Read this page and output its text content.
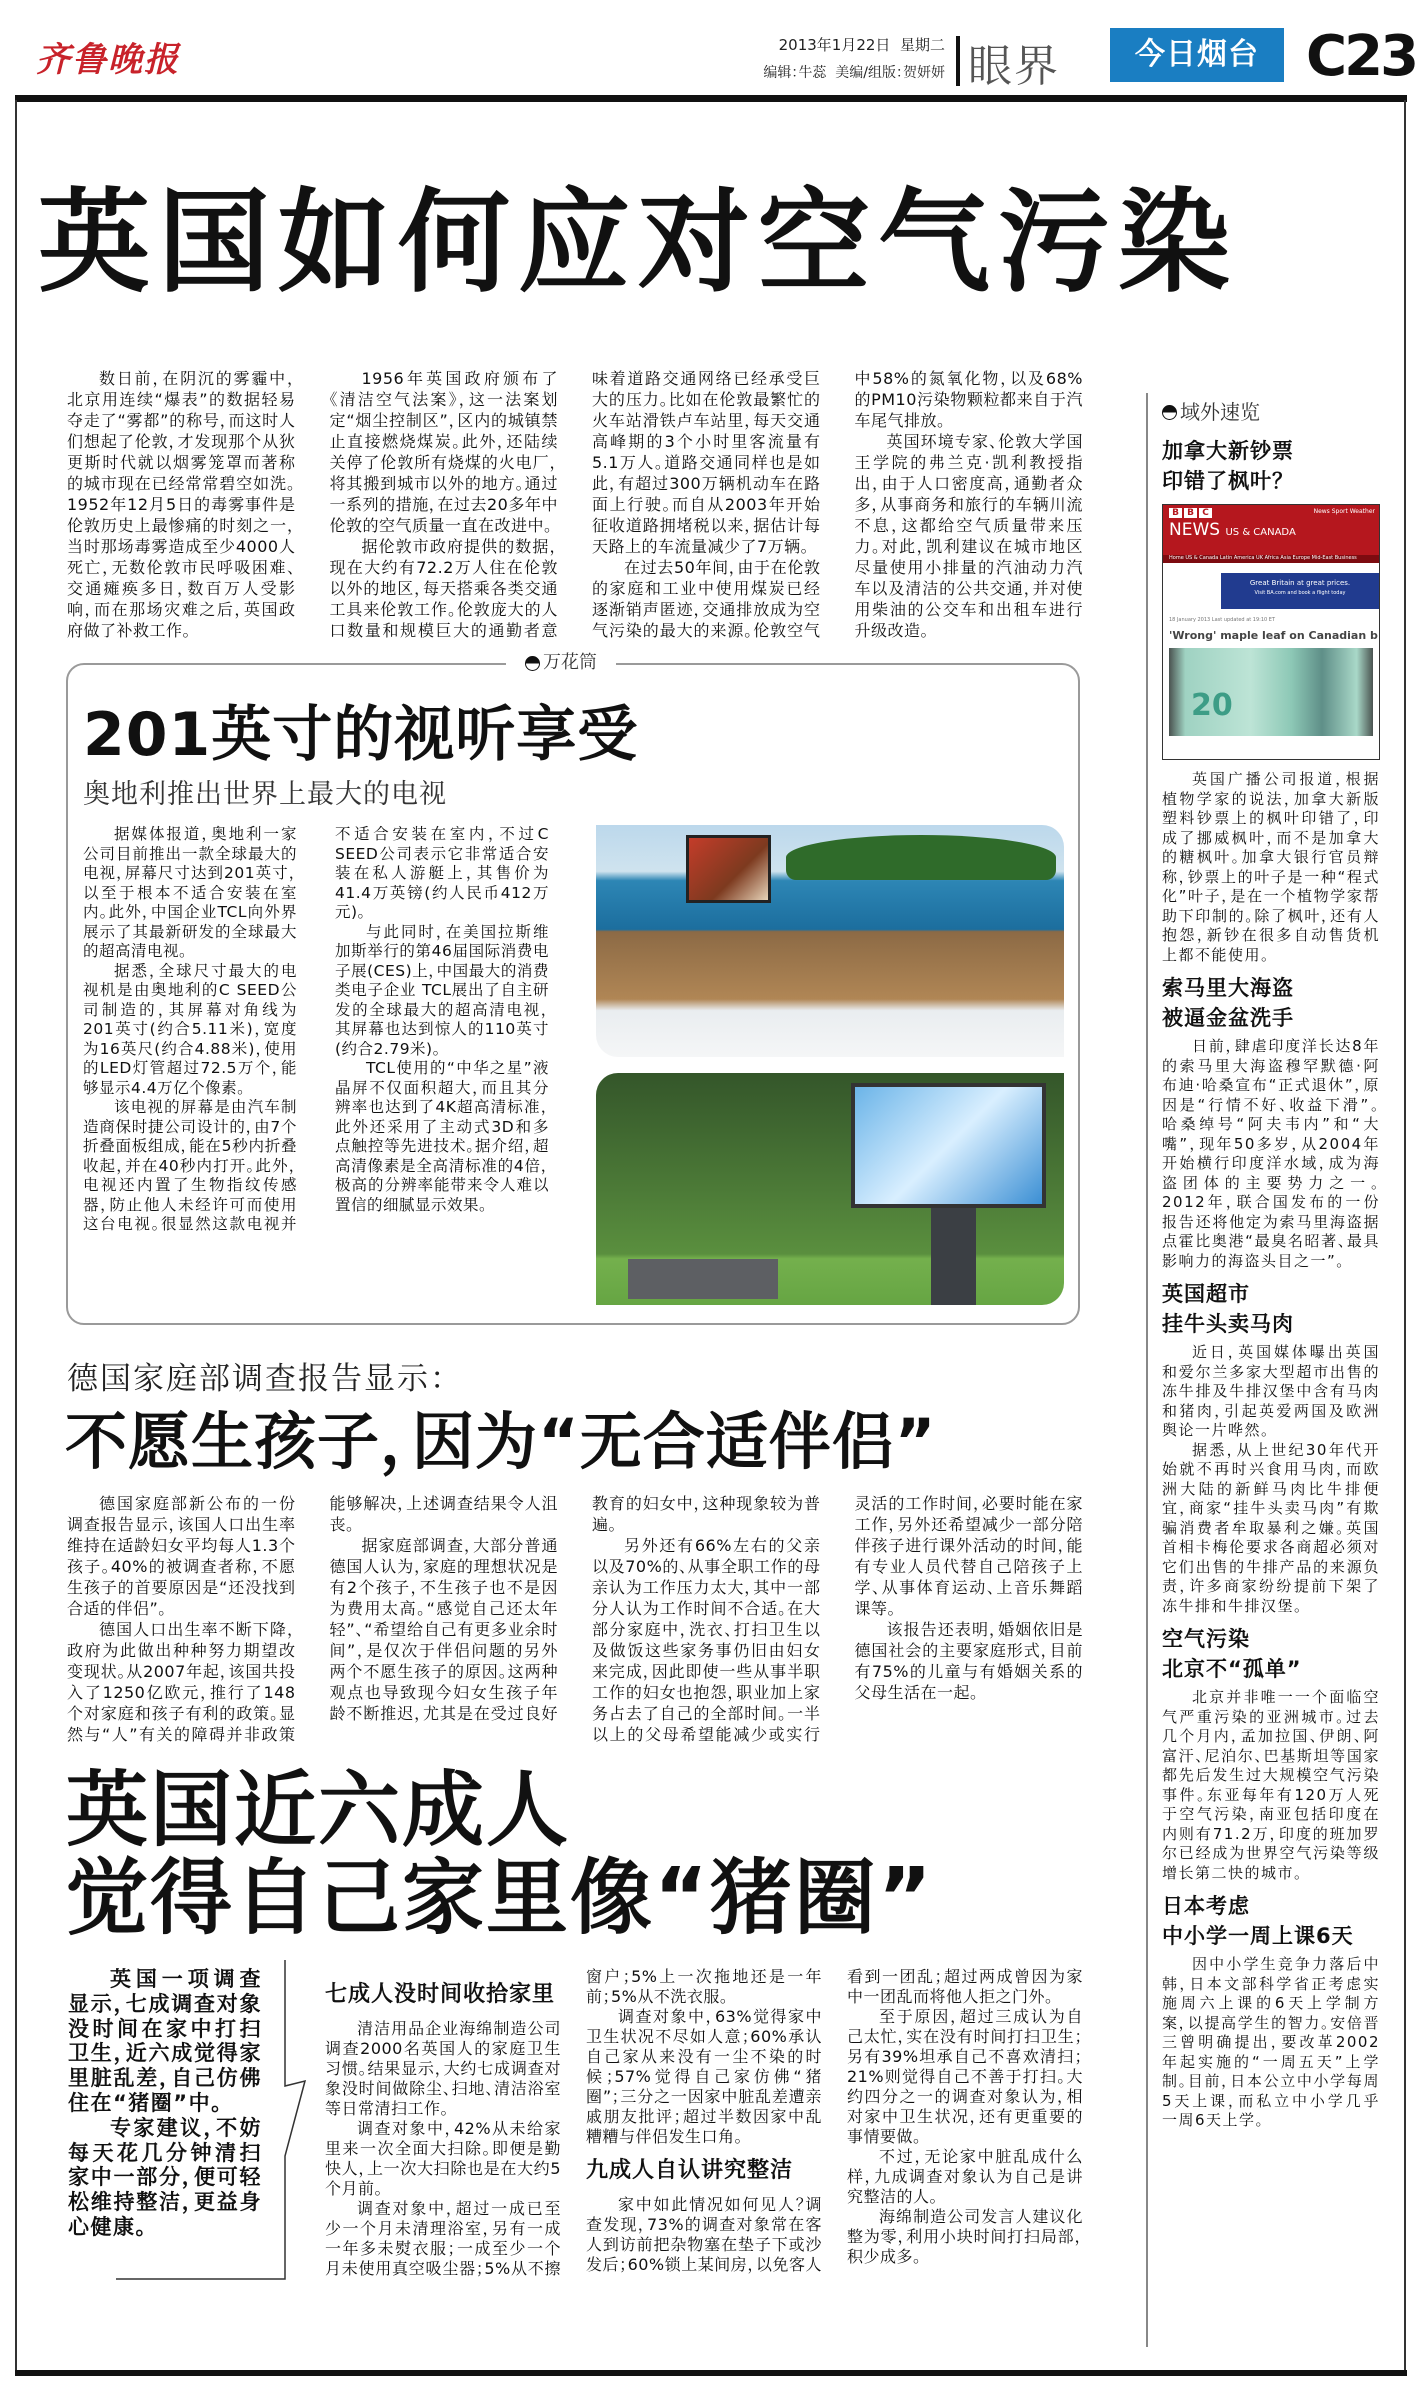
齐鲁晚报	2013年1月22日 星期二
编辑：牛蕊 美编/组版：贺妍妍 眼界	今日烟台 C23
英国如何应对空气污染

数日前，在阴沉的雾霾中，北京用连续“爆表”的数据轻易夺走了“雾都”的称号，而这时人们想起了伦敦，才发现那个从狄更斯时代就以烟雾笼罩而著称的城市现在已经常常碧空如洗。1952年12月5日的毒雾事件是伦敦历史上最惨痛的时刻之一，当时那场毒雾造成至少4000人死亡，无数伦敦市民呼吸困难、交通瘫痪多日，数百万人受影响，而在那场灾难之后，英国政府做了补救工作。

1956年英国政府颁布了《清洁空气法案》，这一法案划定“烟尘控制区”，区内的城镇禁止直接燃烧煤炭。此外，还陆续关停了伦敦所有烧煤的火电厂，将其搬到城市以外的地方。通过一系列的措施，在过去20多年中伦敦的空气质量一直在改进中。

据伦敦市政府提供的数据，现在大约有72.2万人住在伦敦以外的地区，每天搭乘各类交通工具来伦敦工作。伦敦庞大的人口数量和规模巨大的通勤者意味着道路交通网络已经承受巨大的压力。比如在伦敦最繁忙的火车站滑铁卢车站里，每天交通高峰期的3个小时里客流量有5.1万人。道路交通同样也是如此，有超过300万辆机动车在路面上行驶。而自从2003年开始征收道路拥堵税以来，据估计每天路上的车流量减少了7万辆。

在过去50年间，由于在伦敦的家庭和工业中使用煤炭已经逐渐销声匿迹，交通排放成为空气污染的最大的来源。伦敦空气中58%的氮氧化物，以及68%的PM10污染物颗粒都来自于汽车尾气排放。

英国环境专家、伦敦大学国王学院的弗兰克·凯利教授指出，由于人口密度高，通勤者众多，从事商务和旅行的车辆川流不息，这都给空气质量带来压力。对此，凯利建议在城市地区尽量使用小排量的汽油动力汽车以及清洁的公共交通，并对使用柴油的公交车和出租车进行升级改造。

万花筒
201英寸的视听享受
奥地利推出世界上最大的电视

据媒体报道，奥地利一家公司目前推出一款全球最大的电视，屏幕尺寸达到201英寸，以至于根本不适合安装在室内。此外，中国企业TCL向外界展示了其最新研发的全球最大的超高清电视。

据悉，全球尺寸最大的电视机是由奥地利的C SEED公司制造的，其屏幕对角线为201英寸(约合5.11米)，宽度为16英尺(约合4.88米)，使用的LED灯管超过72.5万个，能够显示4.4万亿个像素。

该电视的屏幕是由汽车制造商保时捷公司设计的，由7个折叠面板组成，能在5秒内折叠收起，并在40秒内打开。此外，电视还内置了生物指纹传感器，防止他人未经许可而使用这台电视。很显然这款电视并不适合安装在室内，不过C SEED公司表示它非常适合安装在私人游艇上，其售价为41.4万英镑(约人民币412万元)。

与此同时，在美国拉斯维加斯举行的第46届国际消费电子展(CES)上，中国最大的消费类电子企业 TCL展出了自主研发的全球最大的超高清电视，其屏幕也达到惊人的110英寸(约合2.79米)。

TCL使用的“中华之星”液晶屏不仅面积超大，而且其分辨率也达到了4K超高清标准，此外还采用了主动式3D和多点触控等先进技术。据介绍，超高清像素是全高清标准的4倍，极高的分辨率能带来令人难以置信的细腻显示效果。

德国家庭部调查报告显示：
不愿生孩子，因为“无合适伴侣”

德国家庭部新公布的一份调查报告显示，该国人口出生率维持在适龄妇女平均每人1.3个孩子。40%的被调查者称，不愿生孩子的首要原因是“还没找到合适的伴侣”。

德国人口出生率不断下降，政府为此做出种种努力期望改变现状。从2007年起，该国共投入了1250亿欧元，推行了148个对家庭和孩子有利的政策。显然与“人”有关的障碍并非政策能够解决，上述调查结果令人沮丧。

据家庭部调查，大部分普通德国人认为，家庭的理想状况是有2个孩子，不生孩子也不是因为费用太高。“感觉自己还太年轻”、“希望给自己有更多业余时间”，是仅次于伴侣问题的另外两个不愿生孩子的原因。这两种观点也导致现今妇女生孩子年龄不断推迟，尤其是在受过良好教育的妇女中，这种现象较为普遍。

另外还有66%左右的父亲以及70%的、从事全职工作的母亲认为工作压力太大，其中一部分人认为工作时间不合适。在大部分家庭中，洗衣、打扫卫生以及做饭这些家务事仍旧由妇女来完成，因此即使一些从事半职工作的妇女也抱怨，职业加上家务占去了自己的全部时间。一半以上的父母希望能减少或实行灵活的工作时间，必要时能在家工作，另外还希望减少一部分陪伴孩子进行课外活动的时间，能有专业人员代替自己陪孩子上学、从事体育运动、上音乐舞蹈课等。

该报告还表明，婚姻依旧是德国社会的主要家庭形式，目前有75%的儿童与有婚姻关系的父母生活在一起。

英国近六成人
觉得自己家里像“猪圈”

英国一项调查显示，七成调查对象没时间在家中打扫卫生，近六成觉得家里脏乱差，自己仿佛住在“猪圈”中。

专家建议，不妨每天花几分钟清扫家中一部分，便可轻松维持整洁，更益身心健康。

七成人没时间收拾家里

清洁用品企业海绵制造公司调查2000名英国人的家庭卫生习惯。结果显示，大约七成调查对象没时间做除尘、扫地、清洁浴室等日常清扫工作。

调查对象中，42%从未给家里来一次全面大扫除。即便是勤快人，上一次大扫除也是在大约5个月前。

调查对象中，超过一成已至少一个月未清理浴室，另有一成一年多未熨衣服；一成至少一个月未使用真空吸尘器；5%从不擦窗户；5%上一次拖地还是一年前；5%从不洗衣服。

调查对象中，63%觉得家中卫生状况不尽如人意；60%承认自己家从来没有一尘不染的时候；57%觉得自己家仿佛“猪圈”；三分之一因家中脏乱差遭亲戚朋友批评；超过半数因家中乱糟糟与伴侣发生口角。

九成人自认讲究整洁

家中如此情况如何见人？调查发现，73%的调查对象常在客人到访前把杂物塞在垫子下或沙发后；60%锁上某间房，以免客人看到一团乱；超过两成曾因为家中一团乱而将他人拒之门外。

至于原因，超过三成认为自己太忙，实在没有时间打扫卫生；另有39%坦承自己不喜欢清扫；21%则觉得自己不善于打扫。大约四分之一的调查对象认为，相对家中卫生状况，还有更重要的事情要做。

不过，无论家中脏乱成什么样，九成调查对象认为自己是讲究整洁的人。

海绵制造公司发言人建议化整为零，利用小块时间打扫局部，积少成多。

域外速览
加拿大新钞票
印错了枫叶？
B B C	News Sport Weather
NEWS US & CANADA
Home US & Canada Latin America UK Africa Asia Europe Mid-East Business
Great Britain at great prices.
Visit BA.com and book a flight today
18 January 2013 Last updated at 19:10 ET
'Wrong' maple leaf on Canadian b
20

英国广播公司报道，根据植物学家的说法，加拿大新版塑料钞票上的枫叶印错了，印成了挪威枫叶，而不是加拿大的糖枫叶。加拿大银行官员辩称，钞票上的叶子是一种“程式化”叶子，是在一个植物学家帮助下印制的。除了枫叶，还有人抱怨，新钞在很多自动售货机上都不能使用。

索马里大海盗
被逼金盆洗手

日前，肆虐印度洋长达8年的索马里大海盗穆罕默德·阿布迪·哈桑宣布“正式退休”，原因是“行情不好、收益下滑”。哈桑绰号“阿夫韦内”和“大嘴”，现年50多岁，从2004年开始横行印度洋水域，成为海盗团体的主要势力之一。2012年，联合国发布的一份报告还将他定为索马里海盗据点霍比奥港“最臭名昭著、最具影响力的海盗头目之一”。

英国超市
挂牛头卖马肉

近日，英国媒体曝出英国和爱尔兰多家大型超市出售的冻牛排及牛排汉堡中含有马肉和猪肉，引起英爱两国及欧洲舆论一片哗然。

据悉，从上世纪30年代开始就不再时兴食用马肉，而欧洲大陆的新鲜马肉比牛排便宜，商家“挂牛头卖马肉”有欺骗消费者牟取暴利之嫌。英国首相卡梅伦要求各商超必须对它们出售的牛排产品的来源负责，许多商家纷纷提前下架了冻牛排和牛排汉堡。

空气污染
北京不“孤单”

北京并非唯一一个面临空气严重污染的亚洲城市。过去几个月内，孟加拉国、伊朗、阿富汗、尼泊尔、巴基斯坦等国家都先后发生过大规模空气污染事件。东亚每年有120万人死于空气污染，南亚包括印度在内则有71.2万，印度的班加罗尔已经成为世界空气污染等级增长第二快的城市。

日本考虑
中小学一周上课6天

因中小学生竞争力落后中韩，日本文部科学省正考虑实施周六上课的6天上学制方案，以提高学生的智力。安倍晋三曾明确提出，要改革2002年起实施的“一周五天”上学制。目前，日本公立中小学每周5天上课，而私立中小学几乎一周6天上学。
